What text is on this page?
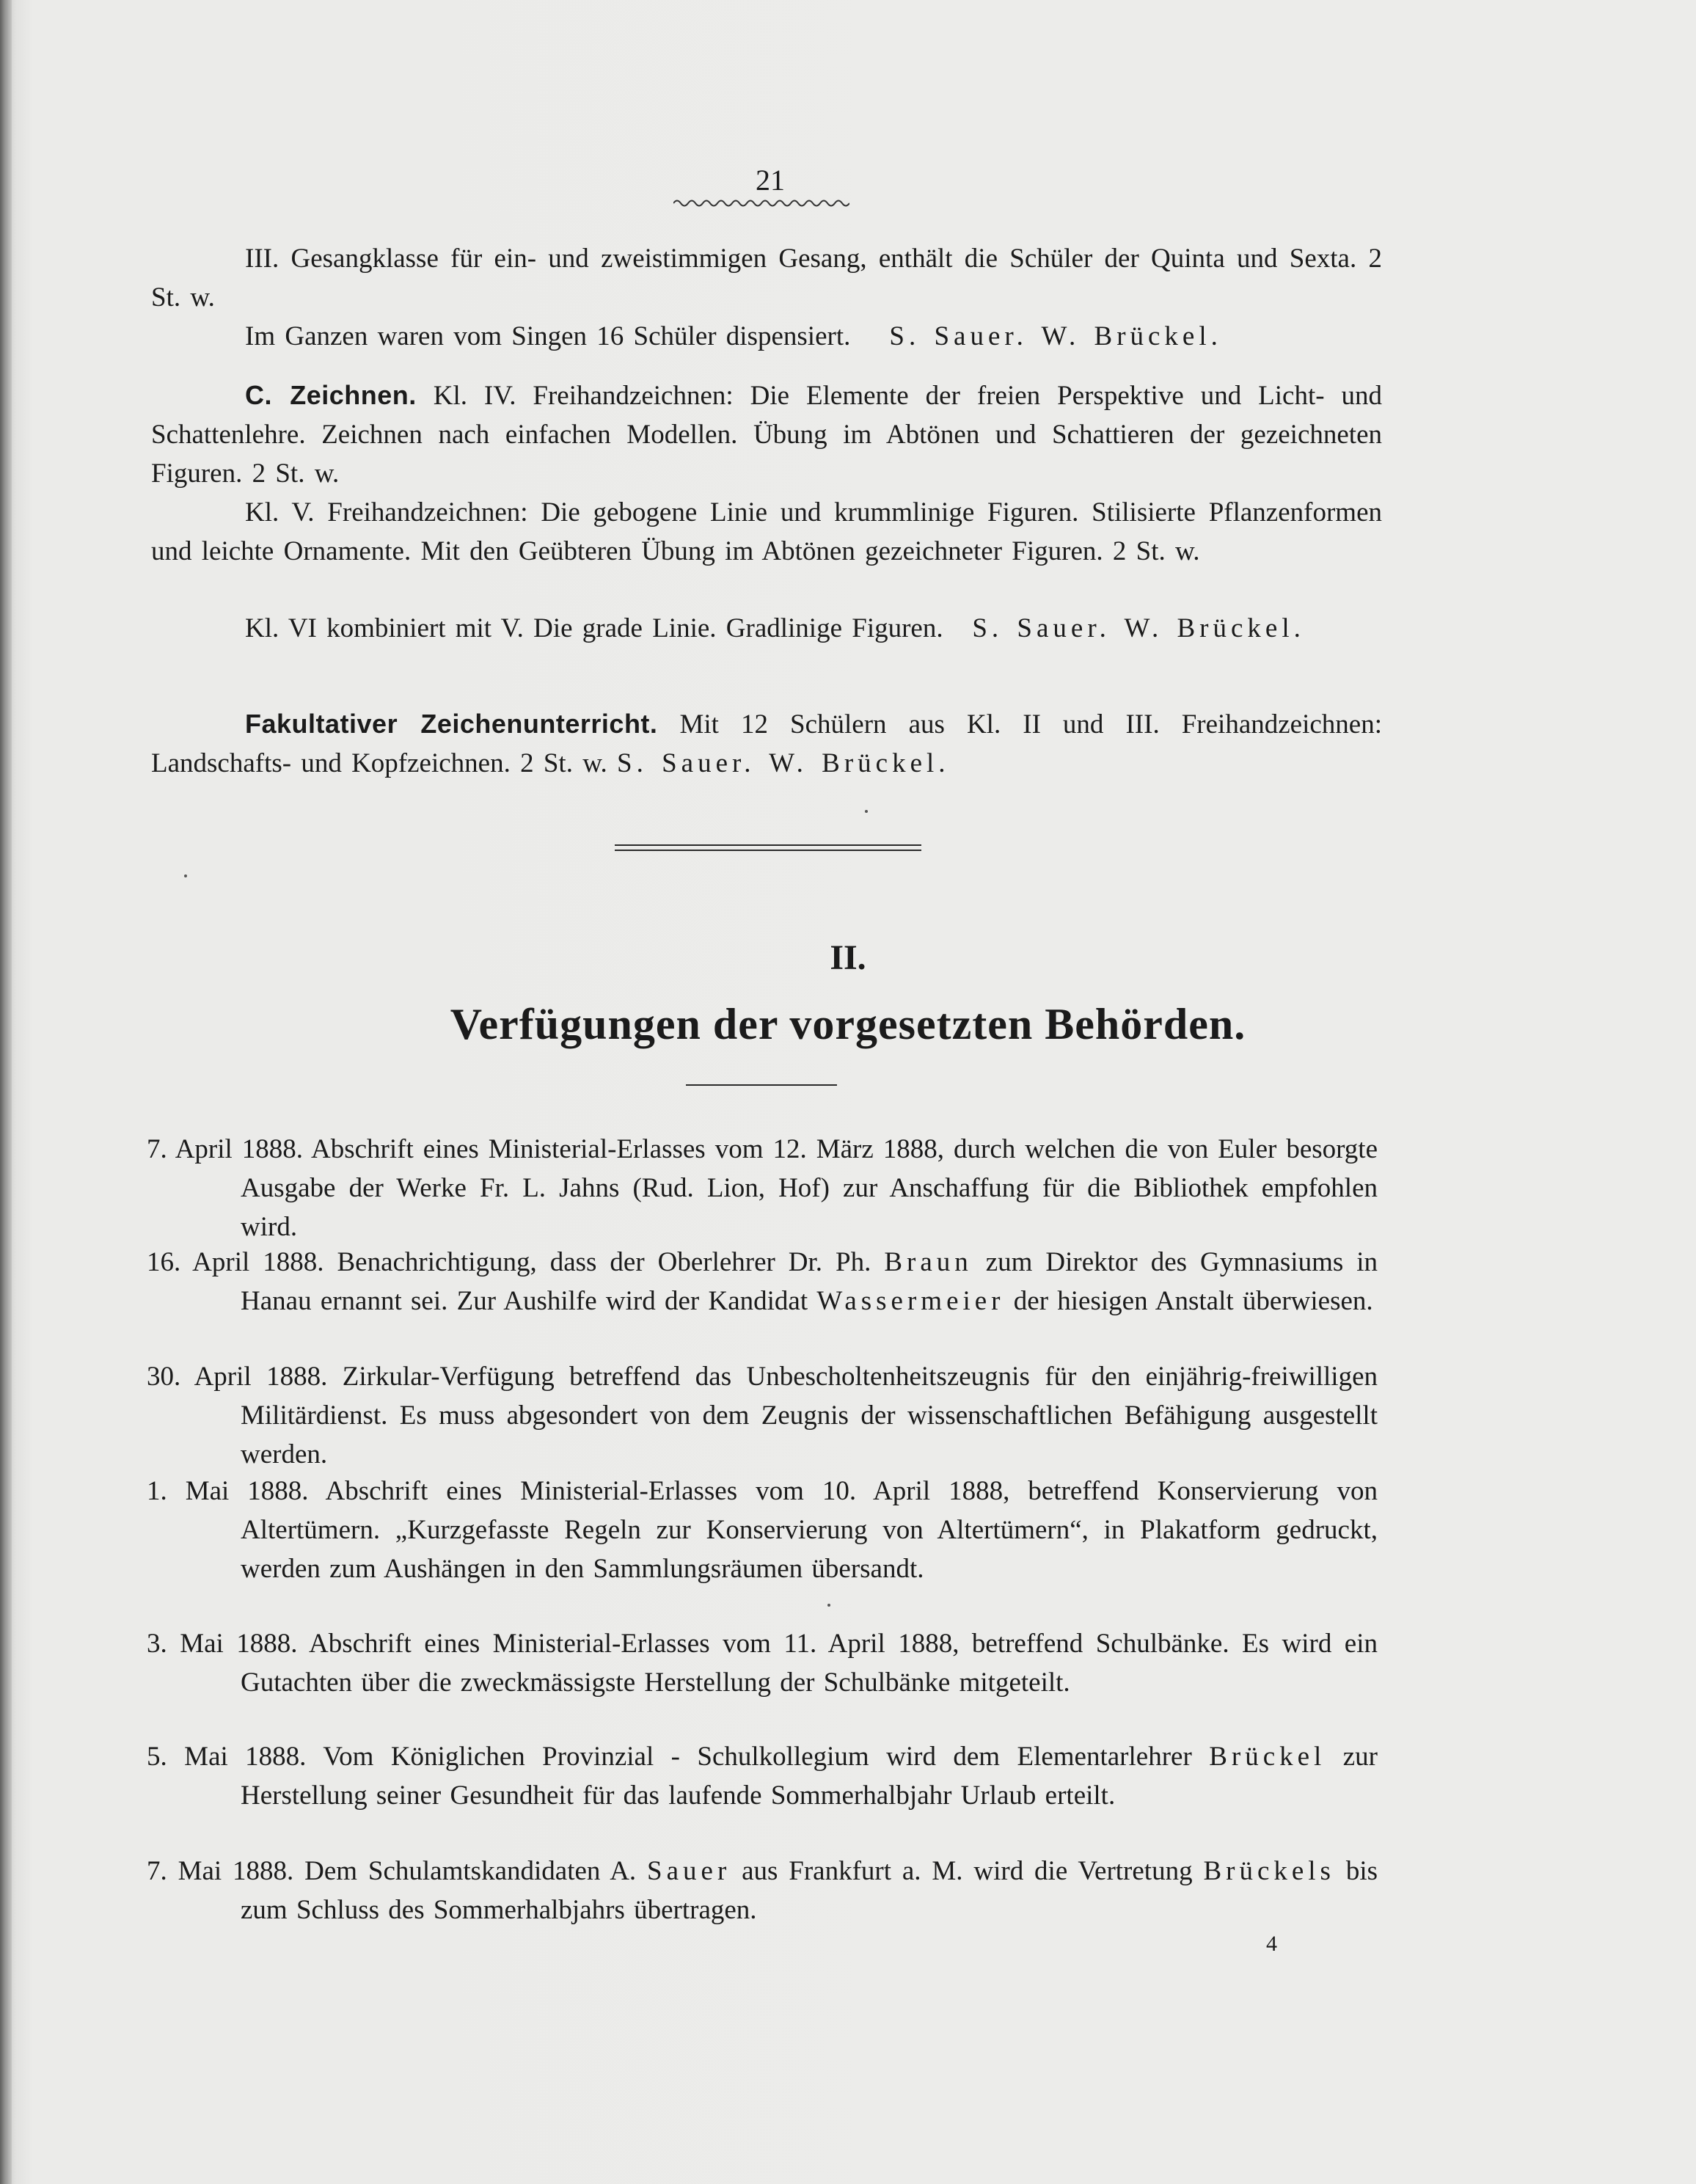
21

III. Gesangklasse für ein- und zweistimmigen Gesang, enthält die Schüler der Quinta und Sexta. 2 St. w.

Im Ganzen waren vom Singen 16 Schüler dispensiert. S. Sauer. W. Brückel.

C. Zeichnen. Kl. IV. Freihandzeichnen: Die Elemente der freien Perspektive und Licht- und Schattenlehre. Zeichnen nach einfachen Modellen. Übung im Abtönen und Schattieren der gezeichneten Figuren. 2 St. w.

Kl. V. Freihandzeichnen: Die gebogene Linie und krummlinige Figuren. Stilisierte Pflanzenformen und leichte Ornamente. Mit den Geübteren Übung im Abtönen gezeichneter Figuren. 2 St. w.

Kl. VI kombiniert mit V. Die grade Linie. Gradlinige Figuren. S. Sauer. W. Brückel.

Fakultativer Zeichenunterricht. Mit 12 Schülern aus Kl. II und III. Freihandzeichnen: Landschafts- und Kopfzeichnen. 2 St. w. S. Sauer. W. Brückel.

II.
Verfügungen der vorgesetzten Behörden.

7. April 1888. Abschrift eines Ministerial-Erlasses vom 12. März 1888, durch welchen die von Euler besorgte Ausgabe der Werke Fr. L. Jahns (Rud. Lion, Hof) zur Anschaffung für die Bibliothek empfohlen wird.

16. April 1888. Benachrichtigung, dass der Oberlehrer Dr. Ph. Braun zum Direktor des Gymnasiums in Hanau ernannt sei. Zur Aushilfe wird der Kandidat Wassermeier der hiesigen Anstalt überwiesen.

30. April 1888. Zirkular-Verfügung betreffend das Unbescholtenheitszeugnis für den einjährig-freiwilligen Militärdienst. Es muss abgesondert von dem Zeugnis der wissenschaftlichen Befähigung ausgestellt werden.

1. Mai 1888. Abschrift eines Ministerial-Erlasses vom 10. April 1888, betreffend Konservierung von Altertümern. „Kurzgefasste Regeln zur Konservierung von Altertümern“, in Plakatform gedruckt, werden zum Aushängen in den Sammlungsräumen übersandt.

3. Mai 1888. Abschrift eines Ministerial-Erlasses vom 11. April 1888, betreffend Schulbänke. Es wird ein Gutachten über die zweckmässigste Herstellung der Schulbänke mitgeteilt.

5. Mai 1888. Vom Königlichen Provinzial - Schulkollegium wird dem Elementarlehrer Brückel zur Herstellung seiner Gesundheit für das laufende Sommerhalbjahr Urlaub erteilt.

7. Mai 1888. Dem Schulamtskandidaten A. Sauer aus Frankfurt a. M. wird die Vertretung Brückels bis zum Schluss des Sommerhalbjahrs übertragen.

4
